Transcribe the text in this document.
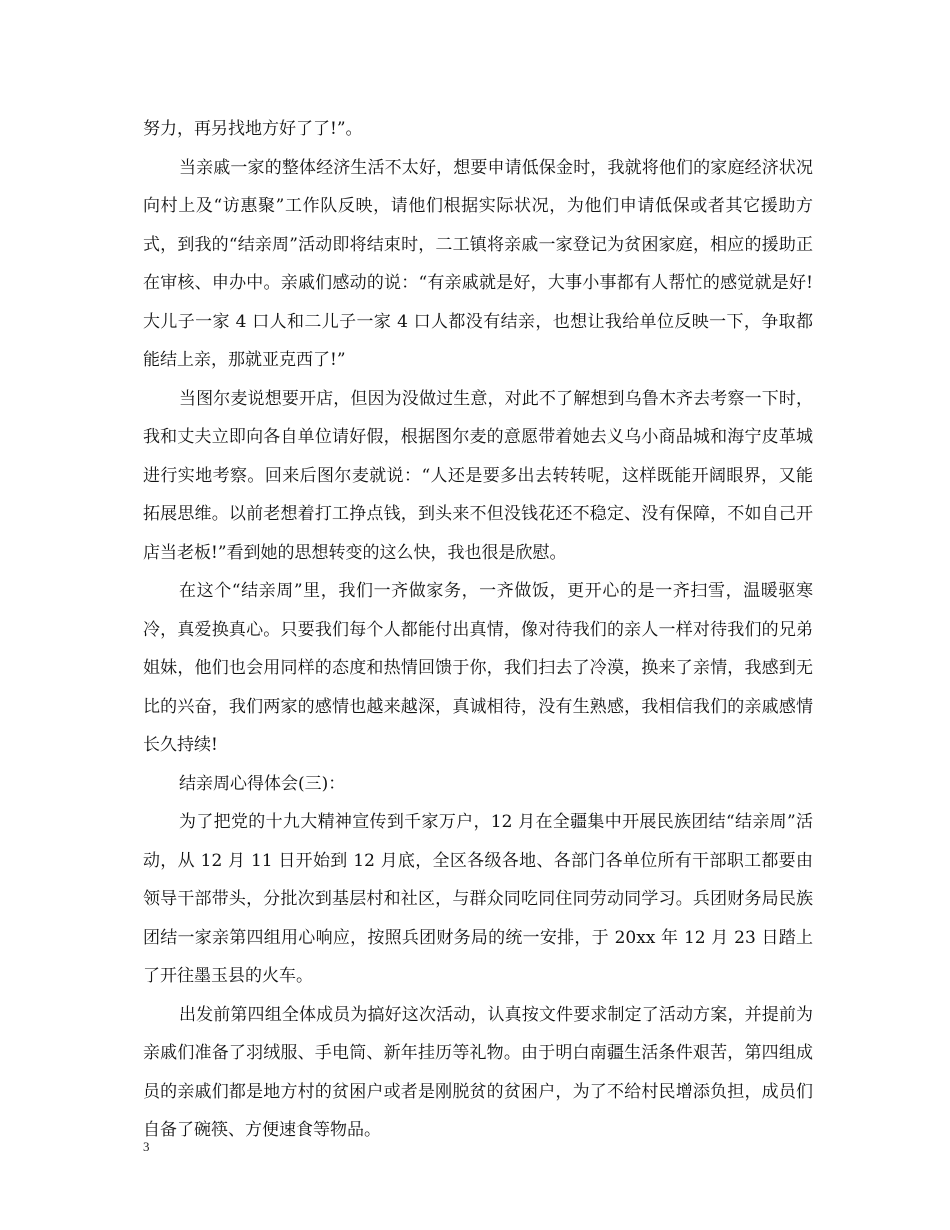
努力，再另找地方好了了!”。

当亲戚一家的整体经济生活不太好，想要申请低保金时，我就将他们的家庭经济状况向村上及“访惠聚”工作队反映，请他们根据实际状况，为他们申请低保或者其它援助方式，到我的“结亲周”活动即将结束时，二工镇将亲戚一家登记为贫困家庭，相应的援助正在审核、申办中。亲戚们感动的说：“有亲戚就是好，大事小事都有人帮忙的感觉就是好!大儿子一家 4 口人和二儿子一家 4 口人都没有结亲，也想让我给单位反映一下，争取都能结上亲，那就亚克西了!”

当图尔麦说想要开店，但因为没做过生意，对此不了解想到乌鲁木齐去考察一下时，我和丈夫立即向各自单位请好假，根据图尔麦的意愿带着她去义乌小商品城和海宁皮革城进行实地考察。回来后图尔麦就说：“人还是要多出去转转呢，这样既能开阔眼界，又能拓展思维。以前老想着打工挣点钱，到头来不但没钱花还不稳定、没有保障，不如自己开店当老板!”看到她的思想转变的这么快，我也很是欣慰。

在这个“结亲周”里，我们一齐做家务，一齐做饭，更开心的是一齐扫雪，温暖驱寒冷，真爱换真心。只要我们每个人都能付出真情，像对待我们的亲人一样对待我们的兄弟姐妹，他们也会用同样的态度和热情回馈于你，我们扫去了冷漠，换来了亲情，我感到无比的兴奋，我们两家的感情也越来越深，真诚相待，没有生熟感，我相信我们的亲戚感情长久持续!

结亲周心得体会(三)：

为了把党的十九大精神宣传到千家万户，12 月在全疆集中开展民族团结“结亲周”活动，从 12 月 11 日开始到 12 月底，全区各级各地、各部门各单位所有干部职工都要由领导干部带头，分批次到基层村和社区，与群众同吃同住同劳动同学习。兵团财务局民族团结一家亲第四组用心响应，按照兵团财务局的统一安排，于 20xx 年 12 月 23 日踏上了开往墨玉县的火车。

出发前第四组全体成员为搞好这次活动，认真按文件要求制定了活动方案，并提前为亲戚们准备了羽绒服、手电筒、新年挂历等礼物。由于明白南疆生活条件艰苦，第四组成员的亲戚们都是地方村的贫困户或者是刚脱贫的贫困户，为了不给村民增添负担，成员们自备了碗筷、方便速食等物品。

3
